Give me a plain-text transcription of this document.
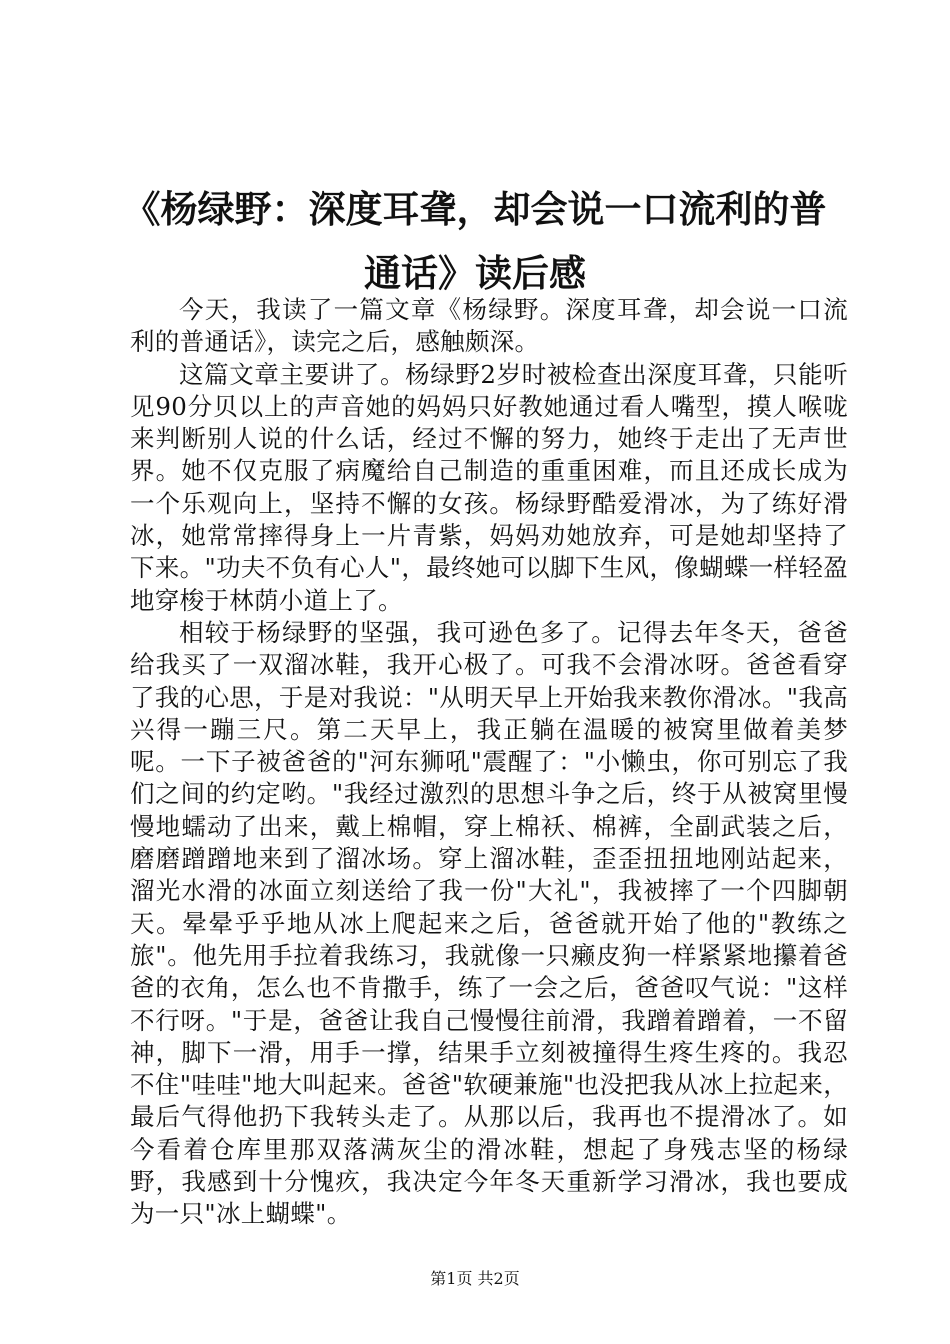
《杨绿野：深度耳聋，却会说一口流利的普通话》读后感

今天，我读了一篇文章《杨绿野。深度耳聋，却会说一口流利的普通话》，读完之后，感触颇深。

这篇文章主要讲了。杨绿野2岁时被检查出深度耳聋，只能听见90分贝以上的声音她的妈妈只好教她通过看人嘴型，摸人喉咙来判断别人说的什么话，经过不懈的努力，她终于走出了无声世界。她不仅克服了病魔给自己制造的重重困难，而且还成长成为一个乐观向上，坚持不懈的女孩。杨绿野酷爱滑冰，为了练好滑冰，她常常摔得身上一片青紫，妈妈劝她放弃，可是她却坚持了下来。"功夫不负有心人"，最终她可以脚下生风，像蝴蝶一样轻盈地穿梭于林荫小道上了。

相较于杨绿野的坚强，我可逊色多了。记得去年冬天，爸爸给我买了一双溜冰鞋，我开心极了。可我不会滑冰呀。爸爸看穿了我的心思，于是对我说："从明天早上开始我来教你滑冰。"我高兴得一蹦三尺。第二天早上，我正躺在温暖的被窝里做着美梦呢。一下子被爸爸的"河东狮吼"震醒了："小懒虫，你可别忘了我们之间的约定哟。"我经过激烈的思想斗争之后，终于从被窝里慢慢地蠕动了出来，戴上棉帽，穿上棉袄、棉裤，全副武装之后，磨磨蹭蹭地来到了溜冰场。穿上溜冰鞋，歪歪扭扭地刚站起来，溜光水滑的冰面立刻送给了我一份"大礼"，我被摔了一个四脚朝天。晕晕乎乎地从冰上爬起来之后，爸爸就开始了他的"教练之旅"。他先用手拉着我练习，我就像一只癞皮狗一样紧紧地攥着爸爸的衣角，怎么也不肯撒手，练了一会之后，爸爸叹气说："这样不行呀。"于是，爸爸让我自己慢慢往前滑，我蹭着蹭着，一不留神，脚下一滑，用手一撑，结果手立刻被撞得生疼生疼的。我忍不住"哇哇"地大叫起来。爸爸"软硬兼施"也没把我从冰上拉起来，最后气得他扔下我转头走了。从那以后，我再也不提滑冰了。如今看着仓库里那双落满灰尘的滑冰鞋，想起了身残志坚的杨绿野，我感到十分愧疚，我决定今年冬天重新学习滑冰，我也要成为一只"冰上蝴蝶"。

第1页 共2页
